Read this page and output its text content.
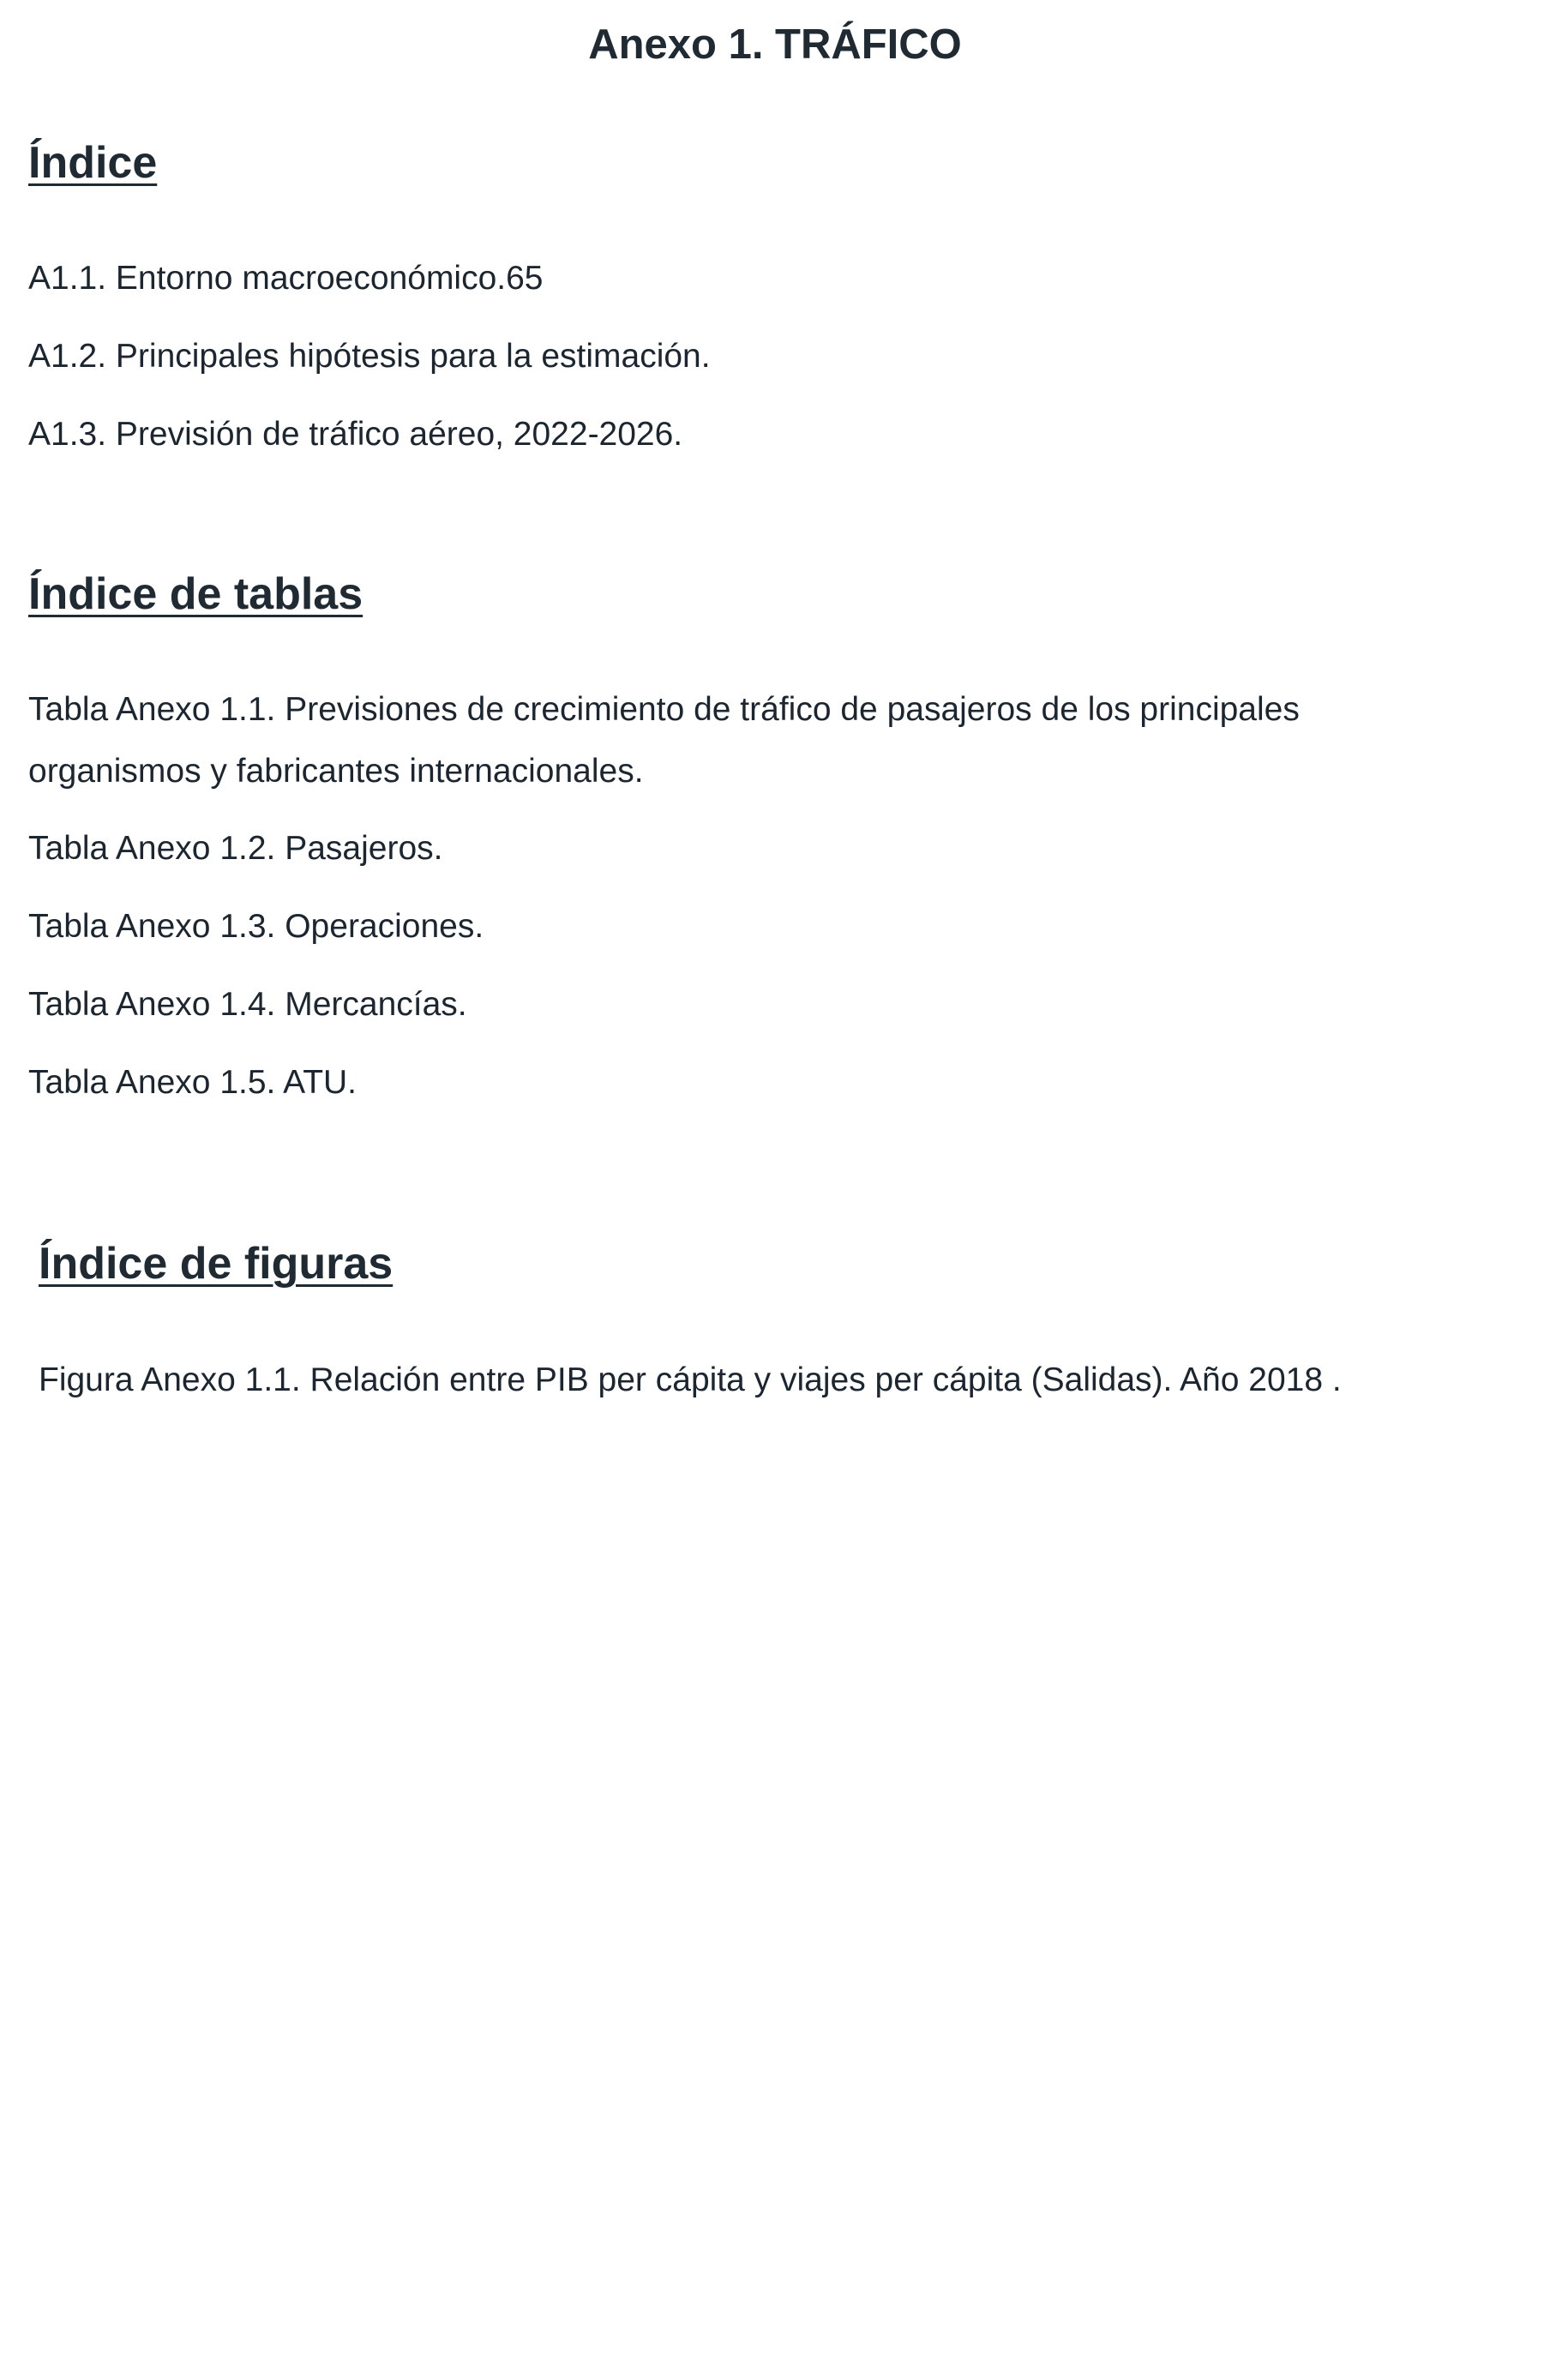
Anexo 1. TRÁFICO
Índice

A1.1. Entorno macroeconómico.65

A1.2. Principales hipótesis para la estimación.

A1.3. Previsión de tráfico aéreo, 2022-2026.

Índice de tablas

Tabla Anexo 1.1. Previsiones de crecimiento de tráfico de pasajeros de los principales organismos y fabricantes internacionales.

Tabla Anexo 1.2. Pasajeros.

Tabla Anexo 1.3. Operaciones.

Tabla Anexo 1.4. Mercancías.

Tabla Anexo 1.5. ATU.

Índice de figuras

Figura Anexo 1.1. Relación entre PIB per cápita y viajes per cápita (Salidas). Año 2018 .
